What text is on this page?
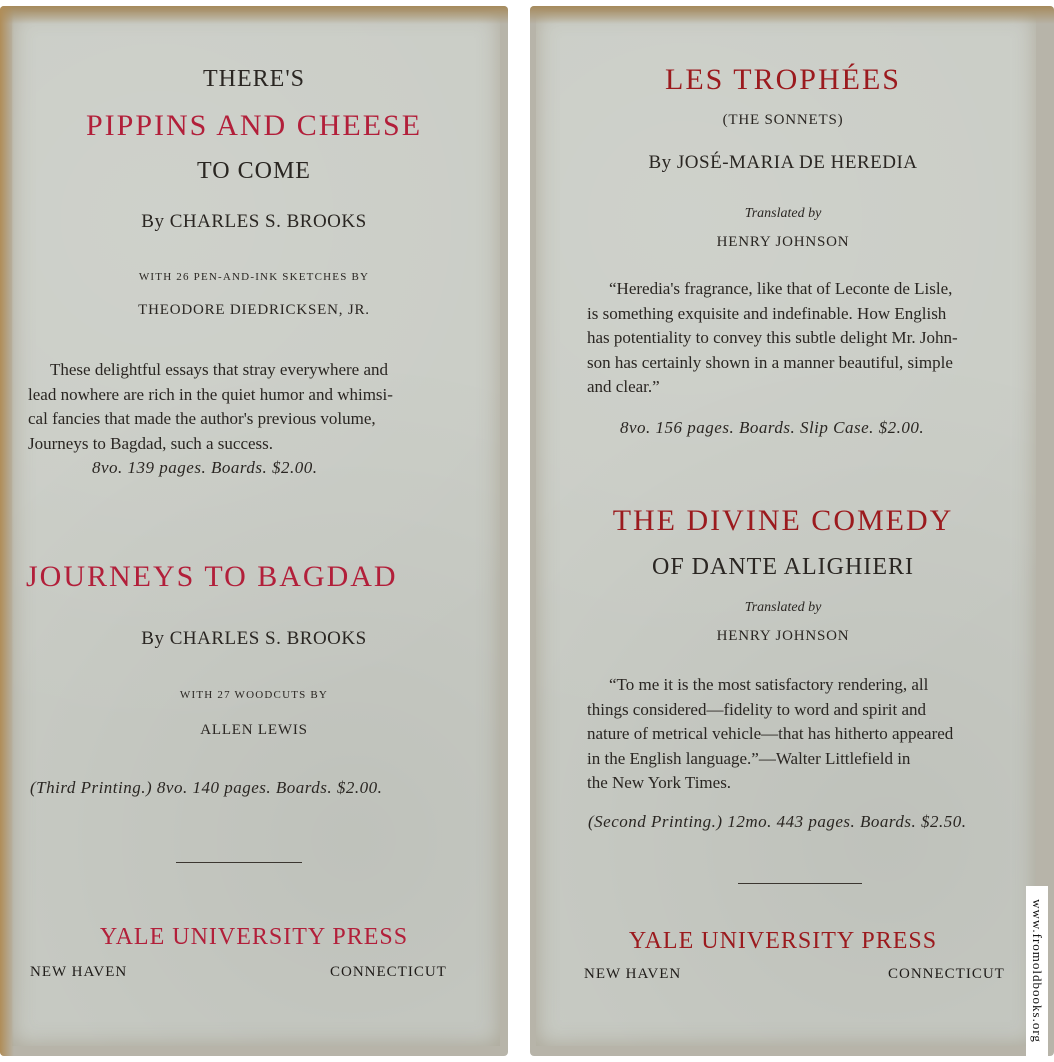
THERE'S
PIPPINS AND CHEESE
TO COME
By CHARLES S. BROOKS
WITH 26 PEN-AND-INK SKETCHES BY
THEODORE DIEDRICKSEN, JR.
These delightful essays that stray everywhere and
lead nowhere are rich in the quiet humor and whimsi-
cal fancies that made the author's previous volume,
Journeys to Bagdad, such a success.
8vo. 139 pages. Boards. $2.00.
JOURNEYS TO BAGDAD
By CHARLES S. BROOKS
WITH 27 WOODCUTS BY
ALLEN LEWIS
(Third Printing.) 8vo. 140 pages. Boards. $2.00.
YALE UNIVERSITY PRESS
NEW HAVEN	CONNECTICUT
LES TROPHÉES
(THE SONNETS)
By JOSÉ-MARIA DE HEREDIA
Translated by
HENRY JOHNSON
“Heredia's fragrance, like that of Leconte de Lisle,
is something exquisite and indefinable. How English
has potentiality to convey this subtle delight Mr. John-
son has certainly shown in a manner beautiful, simple
and clear.”
8vo. 156 pages. Boards. Slip Case. $2.00.
THE DIVINE COMEDY
OF DANTE ALIGHIERI
Translated by
HENRY JOHNSON
“To me it is the most satisfactory rendering, all
things considered—fidelity to word and spirit and
nature of metrical vehicle—that has hitherto appeared
in the English language.”—Walter Littlefield in
the New York Times.
(Second Printing.) 12mo. 443 pages. Boards. $2.50.
YALE UNIVERSITY PRESS
NEW HAVEN	CONNECTICUT www.fromoldbooks.org
